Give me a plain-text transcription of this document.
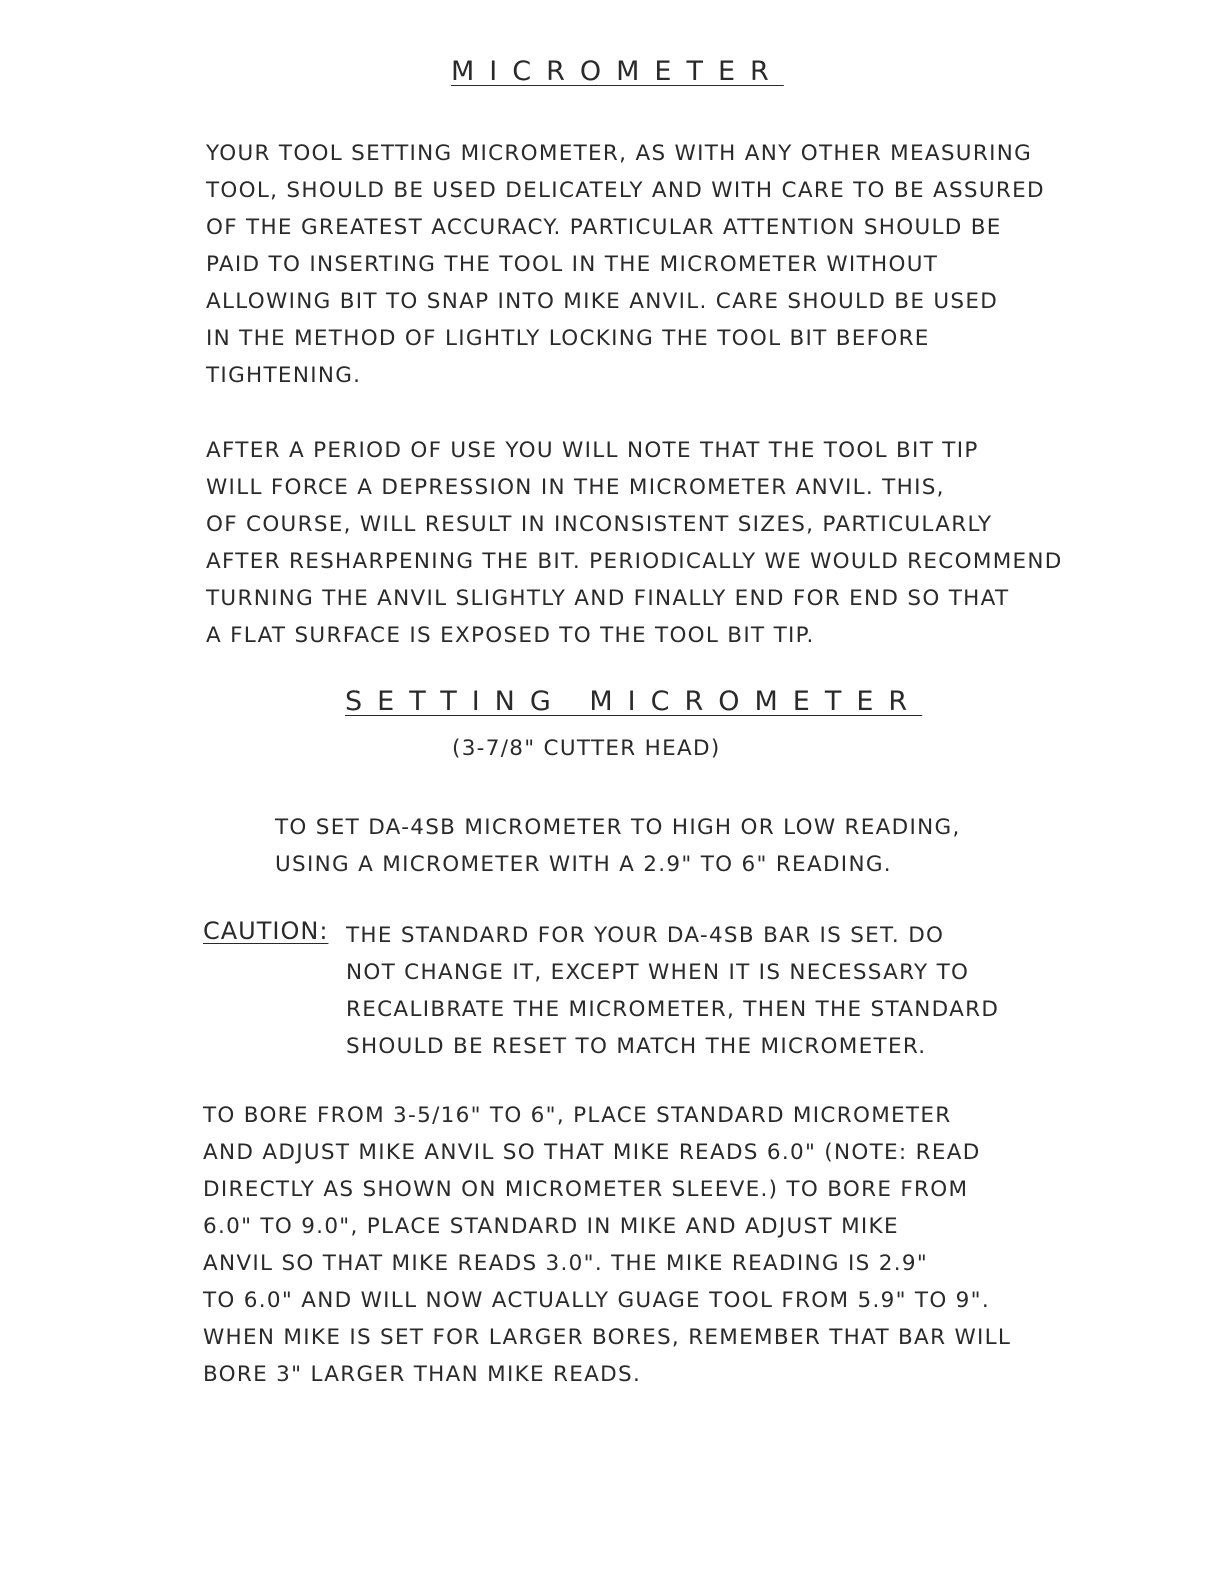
MICROMETER

YOUR TOOL SETTING MICROMETER, AS WITH ANY OTHER MEASURING
TOOL, SHOULD BE USED DELICATELY AND WITH CARE TO BE ASSURED
OF THE GREATEST ACCURACY. PARTICULAR ATTENTION SHOULD BE
PAID TO INSERTING THE TOOL IN THE MICROMETER WITHOUT
ALLOWING BIT TO SNAP INTO MIKE ANVIL. CARE SHOULD BE USED
IN THE METHOD OF LIGHTLY LOCKING THE TOOL BIT BEFORE
TIGHTENING.

AFTER A PERIOD OF USE YOU WILL NOTE THAT THE TOOL BIT TIP
WILL FORCE A DEPRESSION IN THE MICROMETER ANVIL. THIS,
OF COURSE, WILL RESULT IN INCONSISTENT SIZES, PARTICULARLY
AFTER RESHARPENING THE BIT. PERIODICALLY WE WOULD RECOMMEND
TURNING THE ANVIL SLIGHTLY AND FINALLY END FOR END SO THAT
A FLAT SURFACE IS EXPOSED TO THE TOOL BIT TIP.

SETTING MICROMETER
(3-7/8" CUTTER HEAD)

TO SET DA-4SB MICROMETER TO HIGH OR LOW READING,
USING A MICROMETER WITH A 2.9" TO 6" READING.

CAUTION: THE STANDARD FOR YOUR DA-4SB BAR IS SET. DO
NOT CHANGE IT, EXCEPT WHEN IT IS NECESSARY TO
RECALIBRATE THE MICROMETER, THEN THE STANDARD
SHOULD BE RESET TO MATCH THE MICROMETER.

TO BORE FROM 3-5/16" TO 6", PLACE STANDARD MICROMETER
AND ADJUST MIKE ANVIL SO THAT MIKE READS 6.0" (NOTE: READ
DIRECTLY AS SHOWN ON MICROMETER SLEEVE.) TO BORE FROM
6.0" TO 9.0", PLACE STANDARD IN MIKE AND ADJUST MIKE
ANVIL SO THAT MIKE READS 3.0". THE MIKE READING IS 2.9"
TO 6.0" AND WILL NOW ACTUALLY GUAGE TOOL FROM 5.9" TO 9".
WHEN MIKE IS SET FOR LARGER BORES, REMEMBER THAT BAR WILL
BORE 3" LARGER THAN MIKE READS.
